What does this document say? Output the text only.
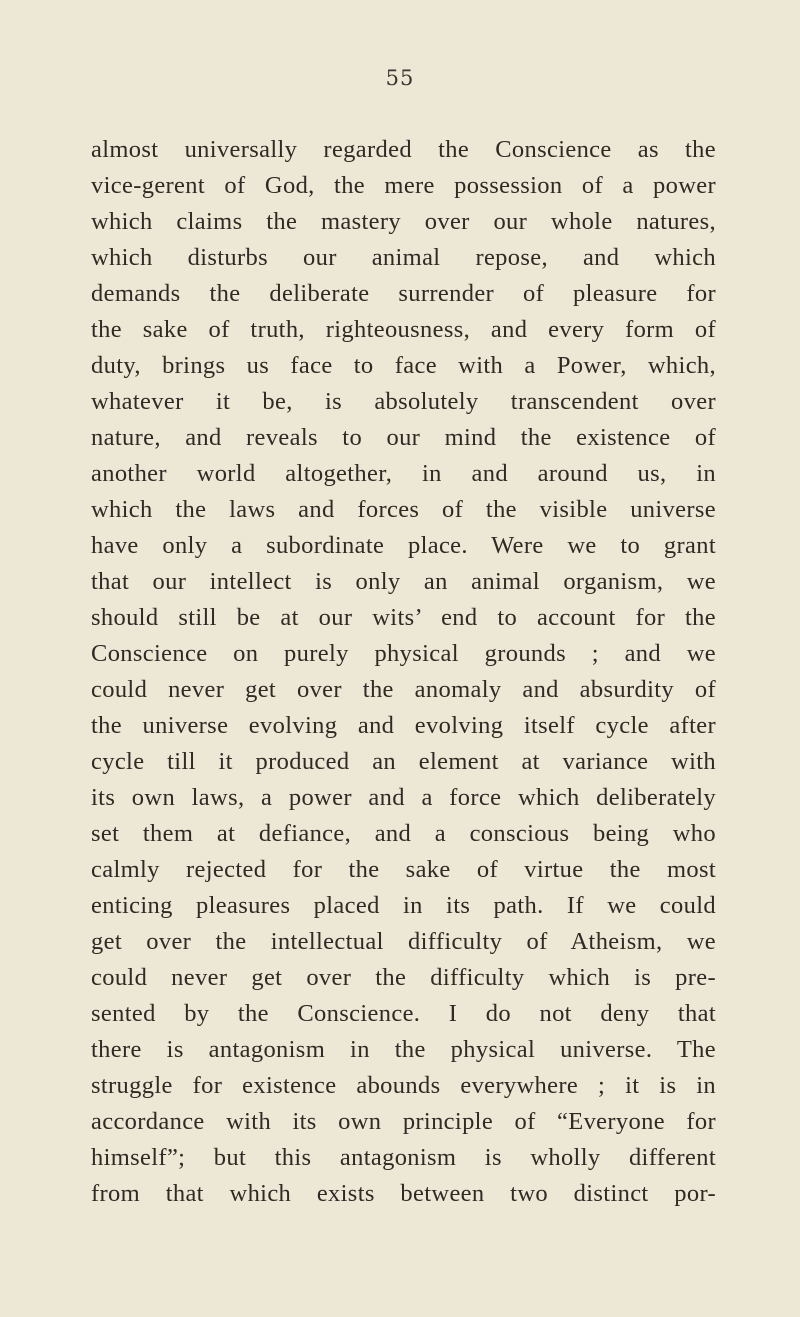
55
almost universally regarded the Conscience as the
vice-gerent of God, the mere possession of a power
which claims the mastery over our whole natures,
which disturbs our animal repose, and which
demands the deliberate surrender of pleasure for
the sake of truth, righteousness, and every form of
duty, brings us face to face with a Power, which,
whatever it be, is absolutely transcendent over
nature, and reveals to our mind the existence of
another world altogether, in and around us, in
which the laws and forces of the visible universe
have only a subordinate place. Were we to grant
that our intellect is only an animal organism, we
should still be at our wits’ end to account for the
Conscience on purely physical grounds ; and we
could never get over the anomaly and absurdity of
the universe evolving and evolving itself cycle after
cycle till it produced an element at variance with
its own laws, a power and a force which deliberately
set them at defiance, and a conscious being who
calmly rejected for the sake of virtue the most
enticing pleasures placed in its path. If we could
get over the intellectual difficulty of Atheism, we
could never get over the difficulty which is pre-
sented by the Conscience. I do not deny that
there is antagonism in the physical universe. The
struggle for existence abounds everywhere ; it is in
accordance with its own principle of “Everyone for
himself”; but this antagonism is wholly different
from that which exists between two distinct por-
